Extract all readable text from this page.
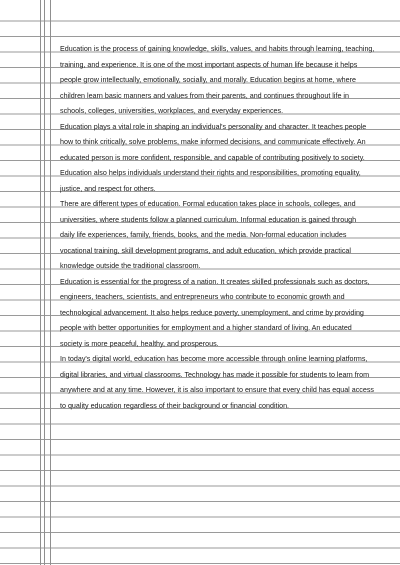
Education is the process of gaining knowledge, skills, values, and habits through learning, teaching,
training, and experience. It is one of the most important aspects of human life because it helps
people grow intellectually, emotionally, socially, and morally. Education begins at home, where
children learn basic manners and values from their parents, and continues throughout life in
schools, colleges, universities, workplaces, and everyday experiences.
Education plays a vital role in shaping an individual's personality and character. It teaches people
how to think critically, solve problems, make informed decisions, and communicate effectively. An
educated person is more confident, responsible, and capable of contributing positively to society.
Education also helps individuals understand their rights and responsibilities, promoting equality,
justice, and respect for others.
There are different types of education. Formal education takes place in schools, colleges, and
universities, where students follow a planned curriculum. Informal education is gained through
daily life experiences, family, friends, books, and the media. Non-formal education includes
vocational training, skill development programs, and adult education, which provide practical
knowledge outside the traditional classroom.
Education is essential for the progress of a nation. It creates skilled professionals such as doctors,
engineers, teachers, scientists, and entrepreneurs who contribute to economic growth and
technological advancement. It also helps reduce poverty, unemployment, and crime by providing
people with better opportunities for employment and a higher standard of living. An educated
society is more peaceful, healthy, and prosperous.
In today's digital world, education has become more accessible through online learning platforms,
digital libraries, and virtual classrooms. Technology has made it possible for students to learn from
anywhere and at any time. However, it is also important to ensure that every child has equal access
to quality education regardless of their background or financial condition.
